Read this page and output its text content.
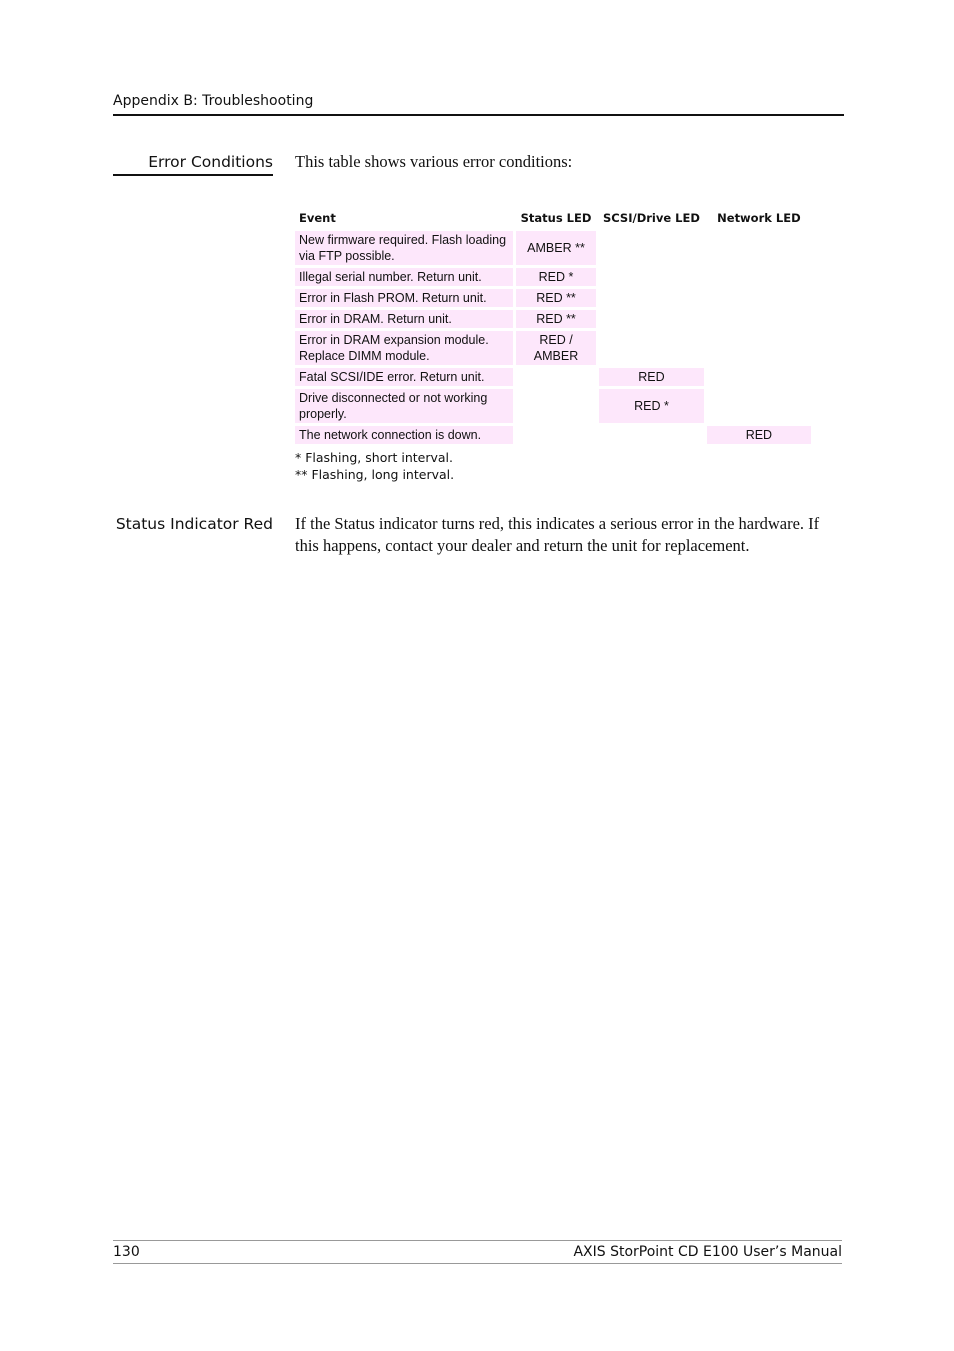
Appendix B: Troubleshooting
Error Conditions This table shows various error conditions:
Event	Status LED	SCSI/Drive LED	Network LED
New firmware required. Flash loading via FTP possible.	AMBER **		
Illegal serial number. Return unit.	RED *		
Error in Flash PROM. Return unit.	RED **		
Error in DRAM. Return unit.	RED **		
Error in DRAM expansion module. Replace DIMM module.	RED / AMBER		
Fatal SCSI/IDE error. Return unit.		RED	
Drive disconnected or not working properly.		RED *	
The network connection is down.			RED
* Flashing, short interval.
** Flashing, long interval.
Status Indicator Red If the Status indicator turns red, this indicates a serious error in the hardware. If this happens, contact your dealer and return the unit for replacement.
130	AXIS StorPoint CD E100 User’s Manual
